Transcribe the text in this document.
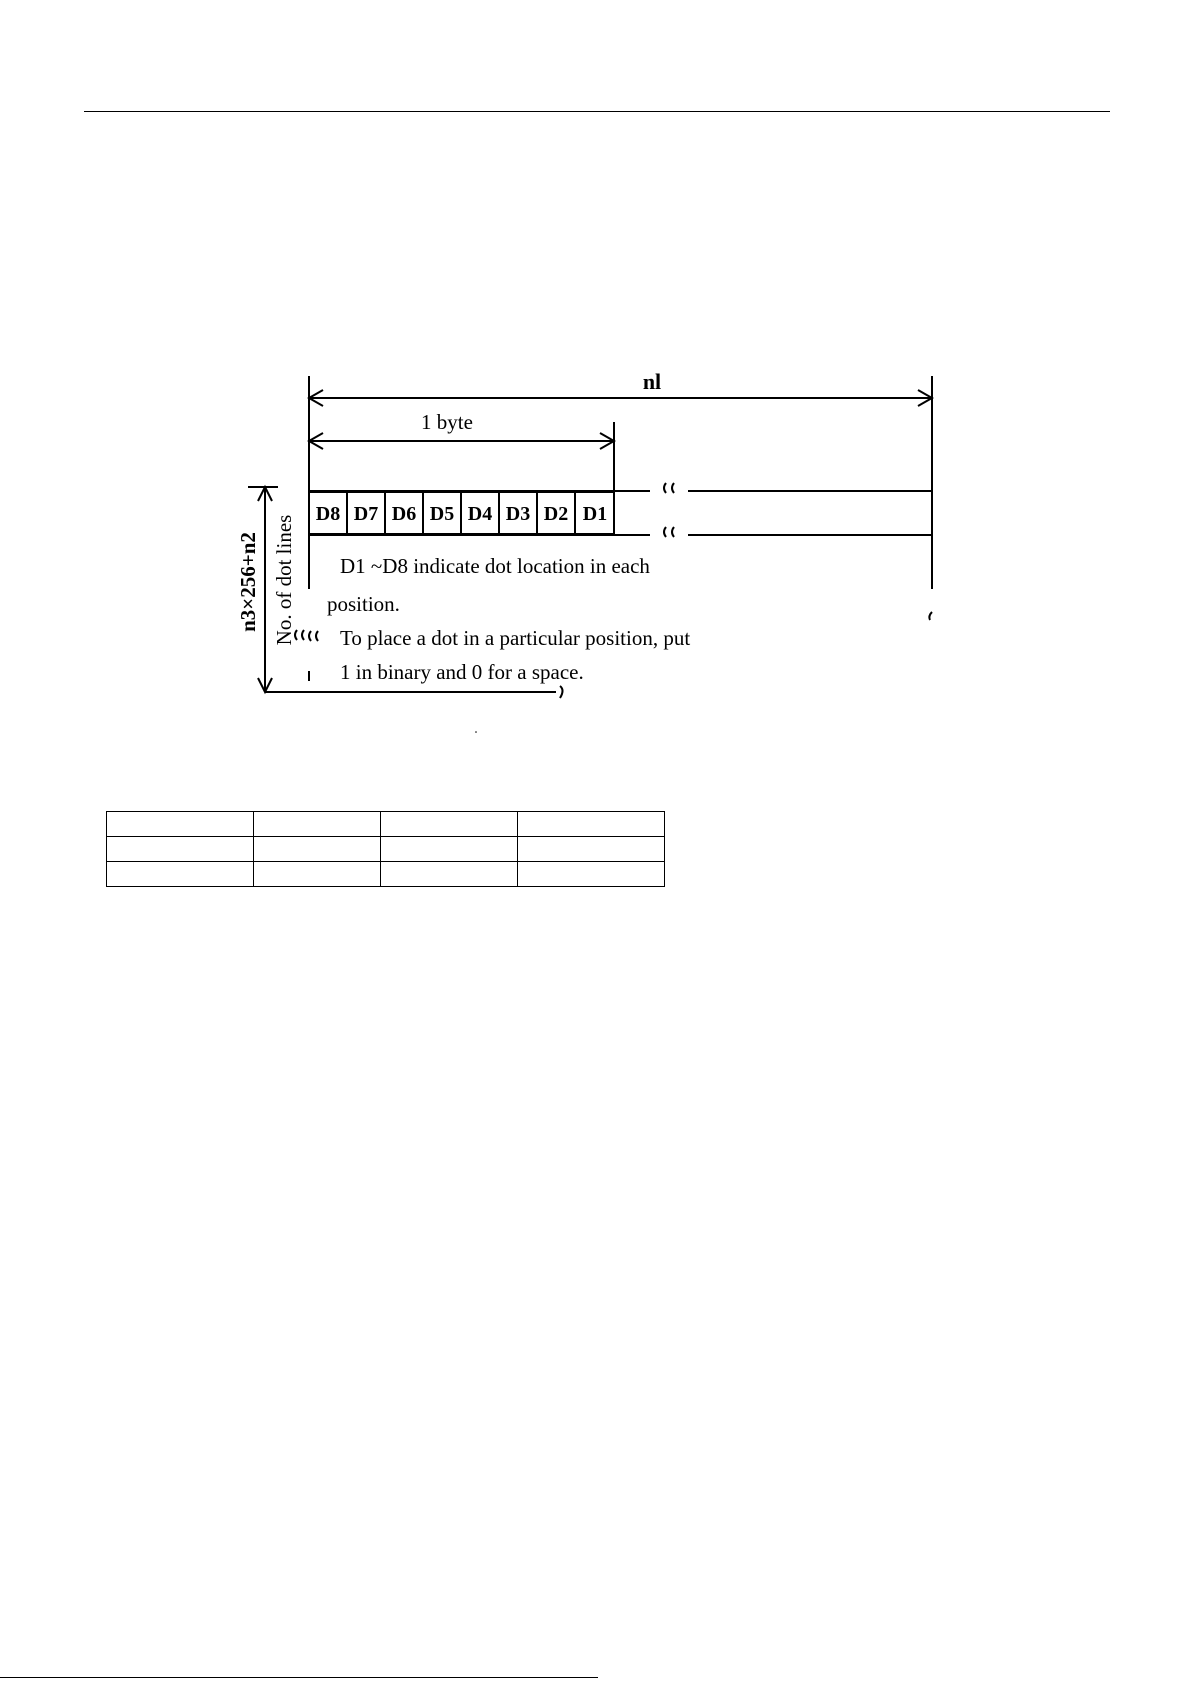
D8 D7 D6 D5 D4 D3 D2 D1
nl
1 byte
n3×256+n2 No. of dot lines D1 ~D8 indicate dot location in each
position.
To place a dot in a particular position, put
1 in binary and 0 for a space.
